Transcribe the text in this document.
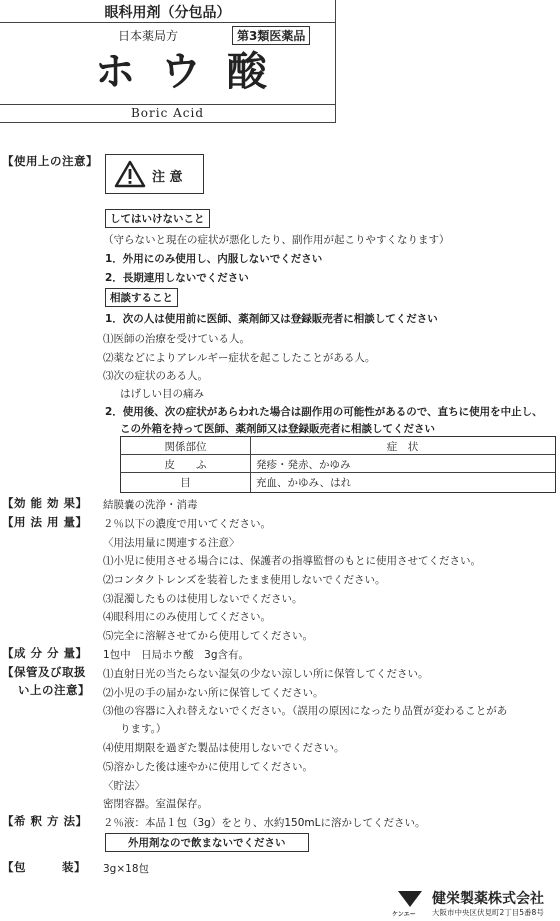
眼科用剤（分包品）
日本薬局方	第3類医薬品
ホ ウ 酸
Boric Acid
【使用上の注意】
注 意
してはいけないこと
（守らないと現在の症状が悪化したり、副作用が起こりやすくなります）
1．外用にのみ使用し、内服しないでください
2．長期連用しないでください
相談すること
1．次の人は使用前に医師、薬剤師又は登録販売者に相談してください
⑴医師の治療を受けている人。
⑵薬などによりアレルギー症状を起こしたことがある人。
⑶次の症状のある人。
はげしい目の痛み
2．使用後、次の症状があらわれた場合は副作用の可能性があるので、直ちに使用を中止し、
この外箱を持って医師、薬剤師又は登録販売者に相談してください
関係部位	症　状
皮　　ふ	発疹・発赤、かゆみ
目	充血、かゆみ、はれ
【効 能 効 果】 結膜嚢の洗浄・消毒
【用 法 用 量】 ２％以下の濃度で用いてください。
〈用法用量に関連する注意〉
⑴小児に使用させる場合には、保護者の指導監督のもとに使用させてください。
⑵コンタクトレンズを装着したまま使用しないでください。
⑶混濁したものは使用しないでください。
⑷眼科用にのみ使用してください。
⑸完全に溶解させてから使用してください。
【成 分 分 量】 1包中　日局ホウ酸　3g含有。
【保管及び取扱
い上の注意】
⑴直射日光の当たらない湿気の少ない涼しい所に保管してください。
⑵小児の手の届かない所に保管してください。
⑶他の容器に入れ替えないでください。（誤用の原因になったり品質が変わることがあ
ります。）
⑷使用期限を過ぎた製品は使用しないでください。
⑸溶かした後は速やかに使用してください。
〈貯法〉
密閉容器。室温保存。
【希 釈 方 法】 ２％液：本品１包（3g）をとり、水約150mLに溶かしてください。
外用剤なので飲まないでください
【包　　　装】 3g×18包
ケンエー
健栄製薬株式会社
大阪市中央区伏見町2丁目5番8号
